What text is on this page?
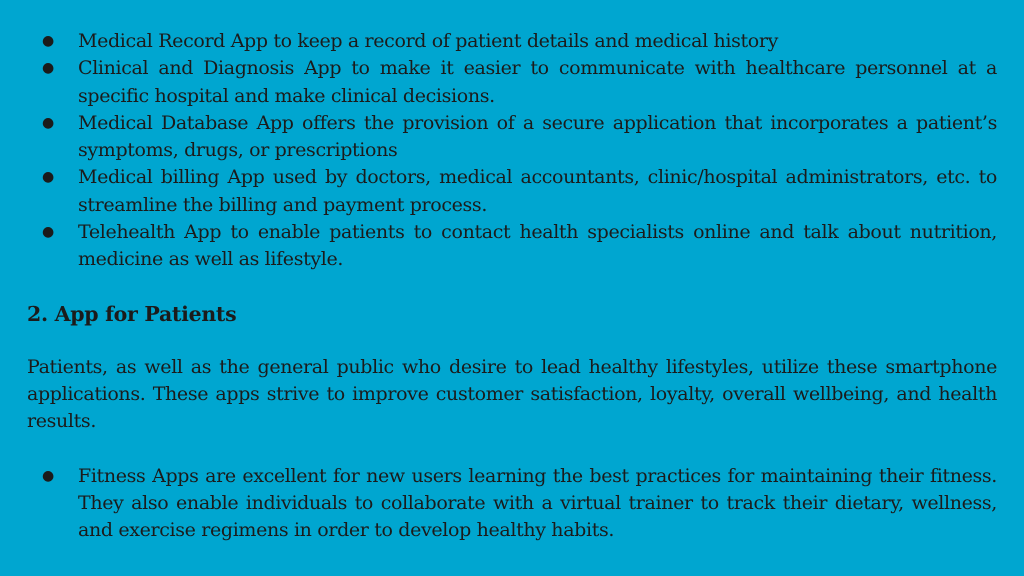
● Medical Record App to keep a record of patient details and medical history
● Clinical and Diagnosis App to make it easier to communicate with healthcare personnel at a specific hospital and make clinical decisions.
● Medical Database App offers the provision of a secure application that incorporates a patient’s symptoms, drugs, or prescriptions
● Medical billing App used by doctors, medical accountants, clinic/hospital administrators, etc. to streamline the billing and payment process.
● Telehealth App to enable patients to contact health specialists online and talk about nutrition, medicine as well as lifestyle.
2. App for Patients

Patients, as well as the general public who desire to lead healthy lifestyles, utilize these smartphone applications. These apps strive to improve customer satisfaction, loyalty, overall wellbeing, and health results.

● Fitness Apps are excellent for new users learning the best practices for maintaining their fitness. They also enable individuals to collaborate with a virtual trainer to track their dietary, wellness, and exercise regimens in order to develop healthy habits.
